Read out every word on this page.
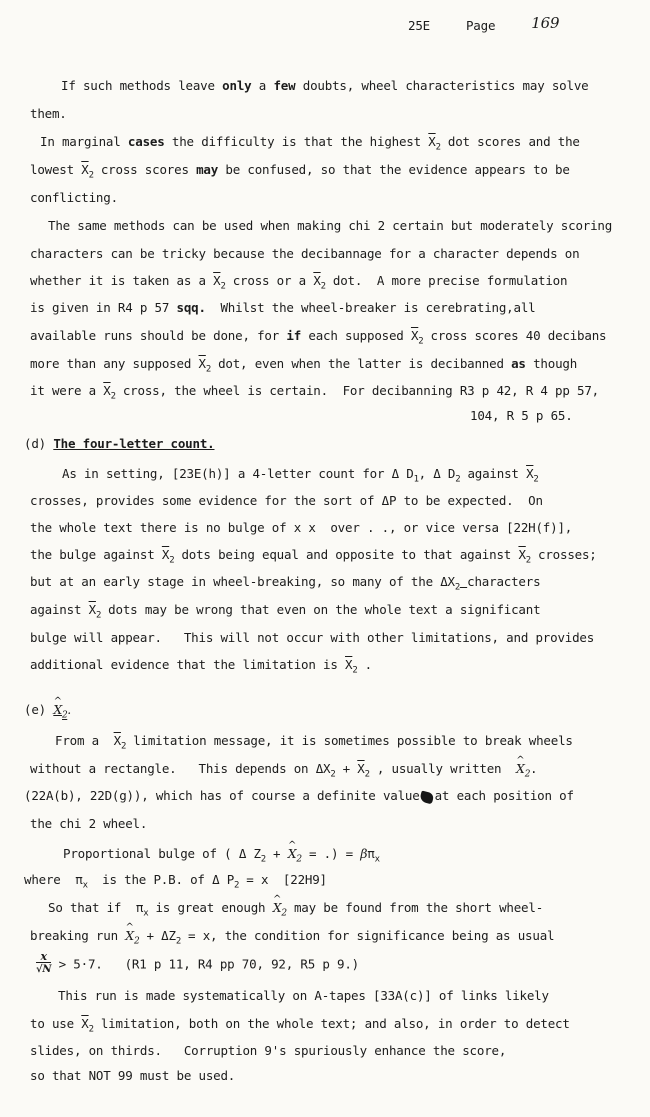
25E	Page 169
If such methods leave only a few doubts, wheel characteristics may solve
them.
In marginal cases the difficulty is that the highest $\overline{X}_2$ dot scores and the
lowest $\overline{X}_2$ cross scores may be confused, so that the evidence appears to be
conflicting.
The same methods can be used when making chi 2 certain but moderately scoring
characters can be tricky because the decibannage for a character depends on
whether it is taken as a $\overline{X}_2$ cross or a $\overline{X}_2$ dot.  A more precise formulation
is given in R4 p 57 sqq.  Whilst the wheel-breaker is cerebrating,all
available runs should be done, for if each supposed $\overline{X}_2$ cross scores 40 decibans
more than any supposed $\overline{X}_2$ dot, even when the latter is decibanned as though
it were a $\overline{X}_2$ cross, the wheel is certain.  For decibanning R3 p 42, R 4 pp 57,
104, R 5 p 65.
(d) The four-letter count.
As in setting, [23E(h)] a 4-letter count for Δ $D_1$, Δ $D_2$ against $\overline{X}_2$
crosses, provides some evidence for the sort of ΔP to be expected.  On
the whole text there is no bulge of x x  over . ., or vice versa [22H(f)],
the bulge against $\overline{X}_2$ dots being equal and opposite to that against $\overline{X}_2$ crosses;
but at an early stage in wheel-breaking, so many of the $\Delta X_2$ characters
against $\overline{X}_2$ dots may be wrong that even on the whole text a significant
bulge will appear.   This will not occur with other limitations, and provides
additional evidence that the limitation is $\overline{X}_2$ .
(e) X $\^{}_2$.
From a  $\overline{X}_2$ limitation message, it is sometimes possible to break wheels
without a rectangle.   This depends on $\Delta X_2 + \overline{X}_2$ , usually written  X $\^{}_2$.
(22A(b), 22D(g)), which has of course a definite value at each position of
the chi 2 wheel.
Proportional bulge of ( Δ $Z_2 + X$ $\^{}_2$ = .) = $\beta\pi_x$
where  $\pi_x$  is the P.B. of Δ $P_2 = x$  [22H9]
So that if  $\pi_x$ is great enough X $\^{}_2$ may be found from the short wheel-
breaking run X $\^{}_2 + \Delta Z_2 = x$, the condition for significance being as usual
$\frac{x}{√N} > 5\cdot 7$.   (R1 p 11, R4 pp 70, 92, R5 p 9.)
This run is made systematically on A-tapes [33A(c)] of links likely
to use $\overline{X}_2$ limitation, both on the whole text; and also, in order to detect
slides, on thirds.   Corruption 9's spuriously enhance the score,
so that NOT 99 must be used.
